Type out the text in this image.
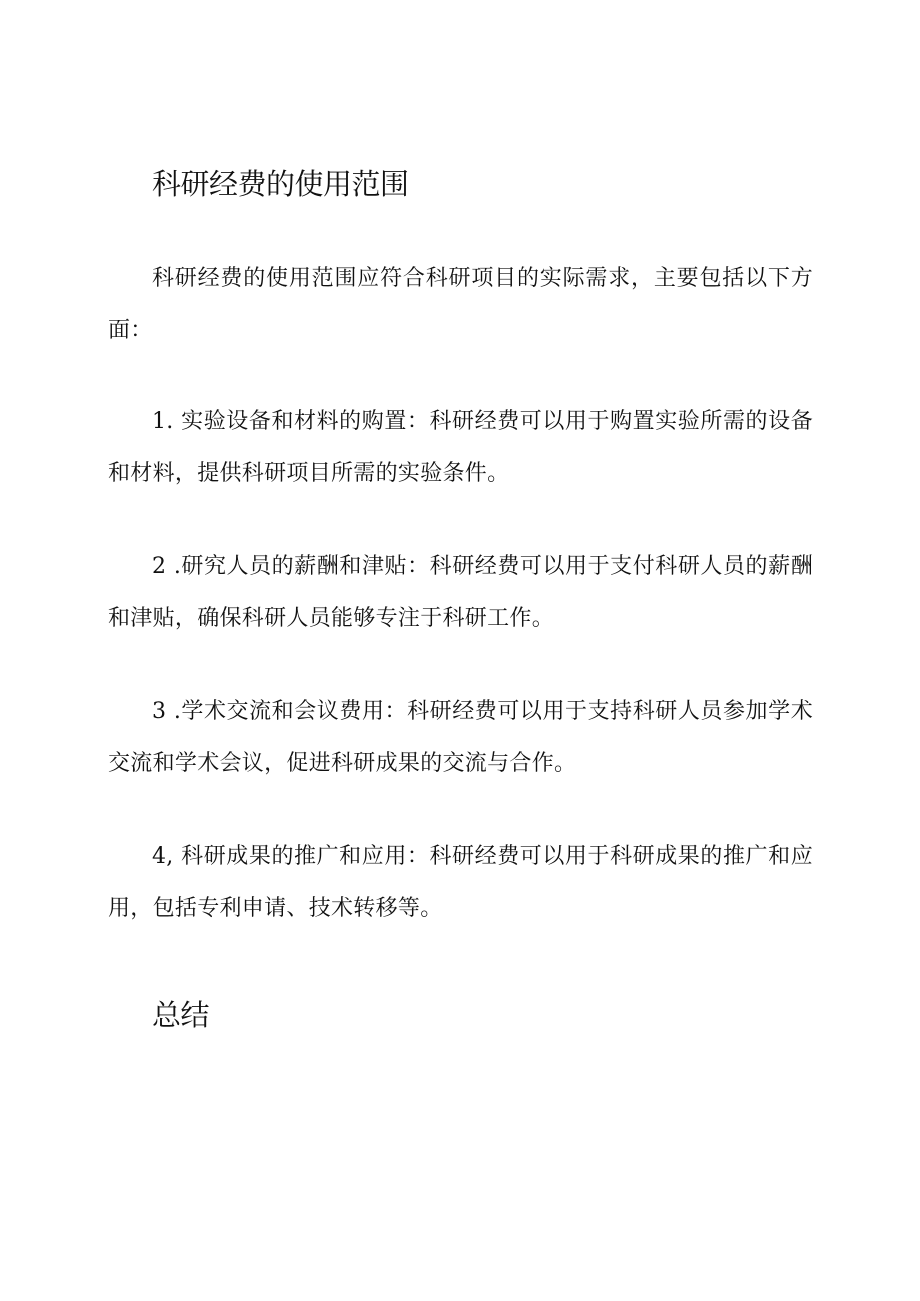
科研经费的使用范围

科研经费的使用范围应符合科研项目的实际需求，主要包括以下方面：

1. 实验设备和材料的购置：科研经费可以用于购置实验所需的设备和材料，提供科研项目所需的实验条件。

2 .研究人员的薪酬和津贴：科研经费可以用于支付科研人员的薪酬和津贴，确保科研人员能够专注于科研工作。

3 .学术交流和会议费用：科研经费可以用于支持科研人员参加学术交流和学术会议，促进科研成果的交流与合作。

4, 科研成果的推广和应用：科研经费可以用于科研成果的推广和应用，包括专利申请、技术转移等。

总结
